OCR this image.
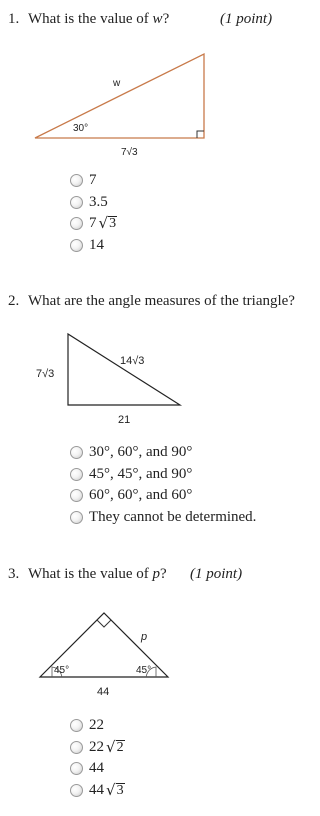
1. What is the value of w?	(1 point)
w
30°
7√3
7
3.5
7 √ 3
14
2. What are the angle measures of the triangle?
7√3
14√3
21
30°, 60°, and 90°
45°, 45°, and 90°
60°, 60°, and 60°
They cannot be determined.
3. What is the value of p? (1 point)
p
45°	45°
44
22
22 √ 2
44
44 √ 3
